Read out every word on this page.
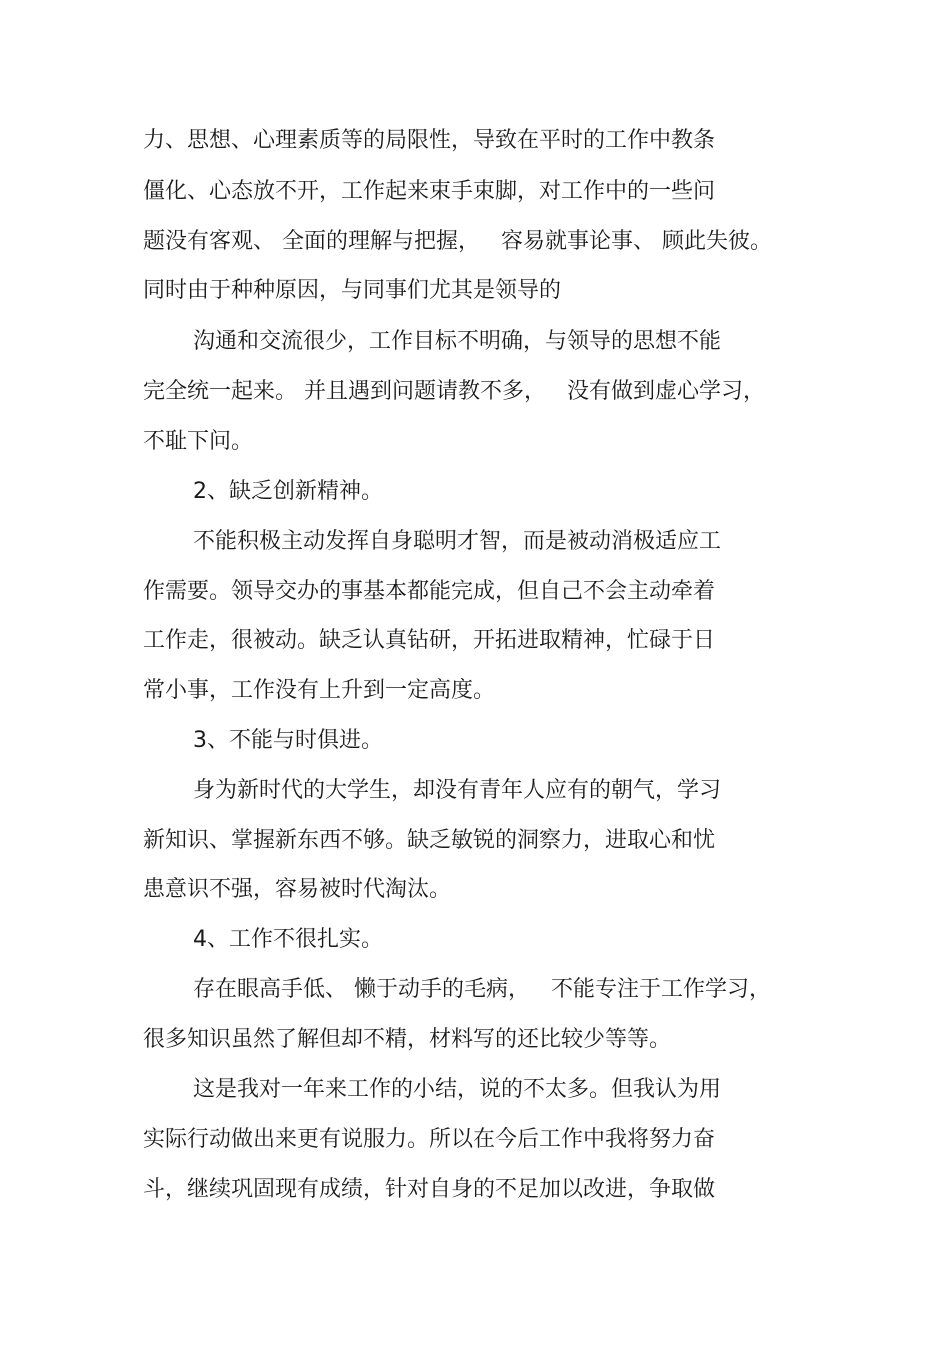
力、思想、心理素质等的局限性，导致在平时的工作中教条

僵化、心态放不开，工作起来束手束脚，对工作中的一些问

题没有客观、 全面的理解与把握，   容易就事论事、 顾此失彼。

同时由于种种原因，与同事们尤其是领导的

沟通和交流很少，工作目标不明确，与领导的思想不能

完全统一起来。 并且遇到问题请教不多，   没有做到虚心学习，

不耻下问。

2、缺乏创新精神。

不能积极主动发挥自身聪明才智，而是被动消极适应工

作需要。领导交办的事基本都能完成，但自己不会主动牵着

工作走，很被动。缺乏认真钻研，开拓进取精神，忙碌于日

常小事，工作没有上升到一定高度。

3、不能与时俱进。

身为新时代的大学生，却没有青年人应有的朝气，学习

新知识、掌握新东西不够。缺乏敏锐的洞察力，进取心和忧

患意识不强，容易被时代淘汰。

4、工作不很扎实。

存在眼高手低、 懒于动手的毛病，   不能专注于工作学习，

很多知识虽然了解但却不精，材料写的还比较少等等。

这是我对一年来工作的小结，说的不太多。但我认为用

实际行动做出来更有说服力。所以在今后工作中我将努力奋

斗，继续巩固现有成绩，针对自身的不足加以改进，争取做
